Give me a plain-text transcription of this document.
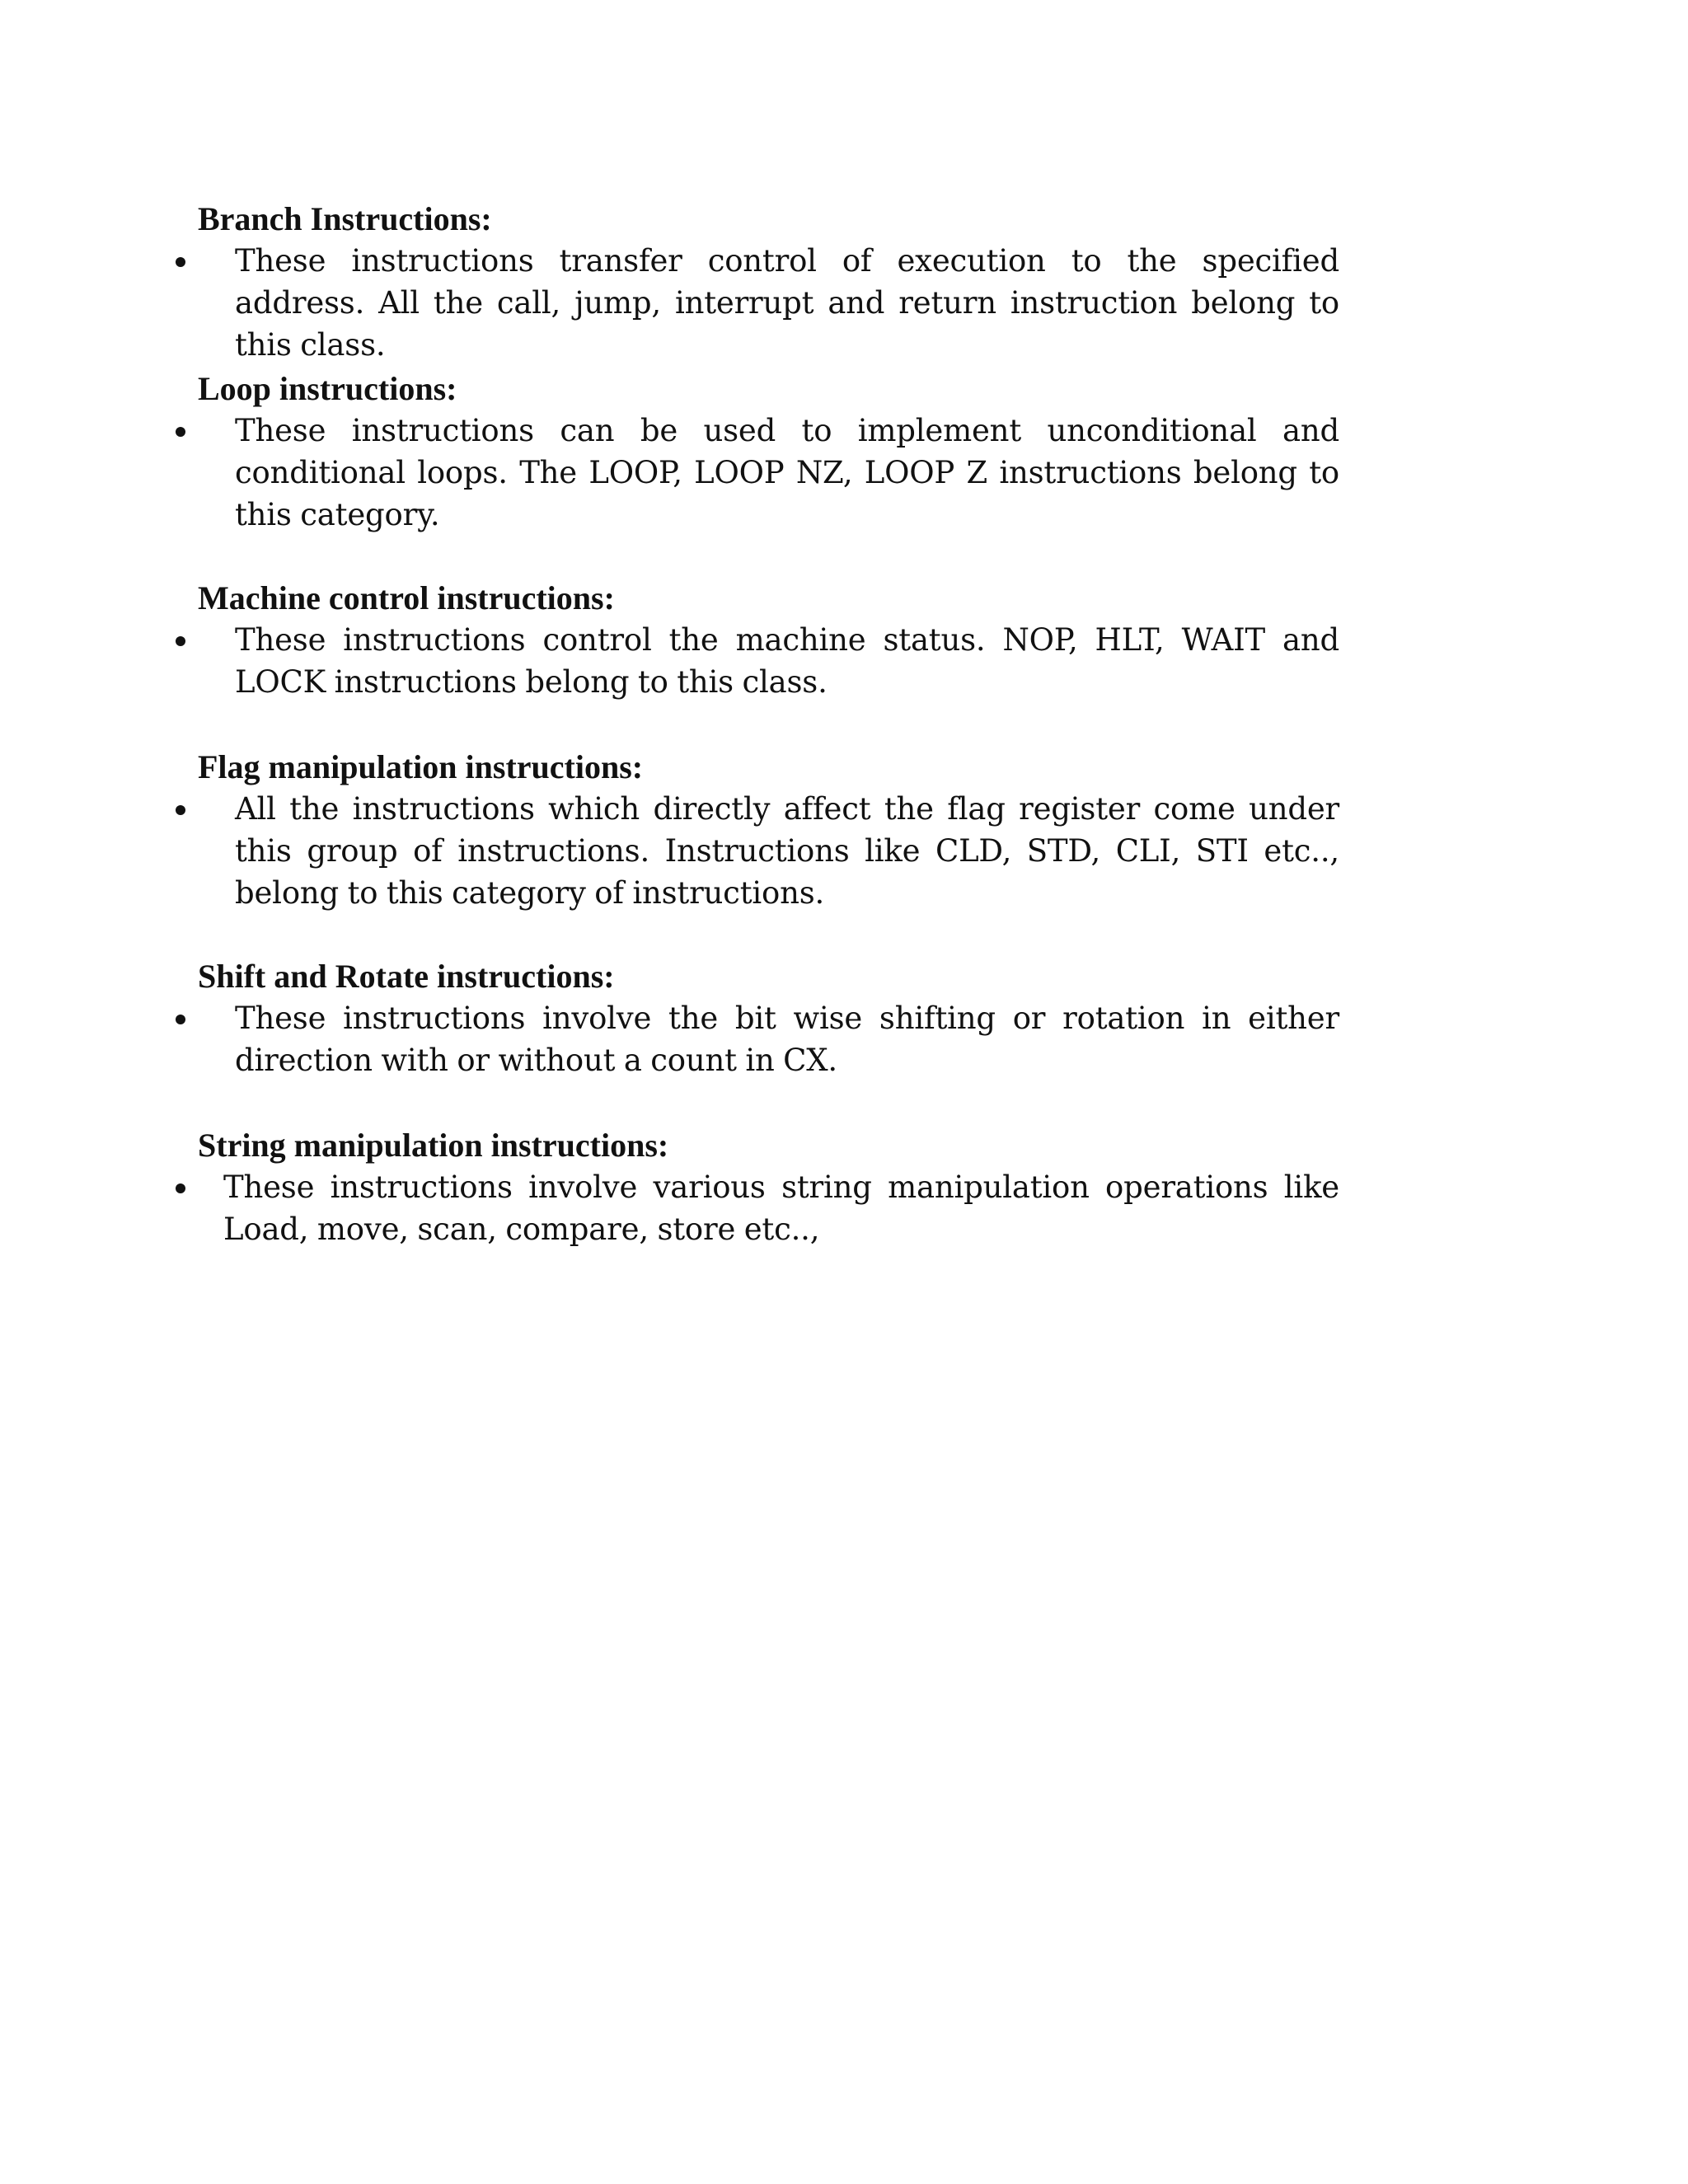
Branch Instructions:

These instructions transfer control of execution to the specified address. All the call, jump, interrupt and return instruction belong to this class.

Loop instructions:

These instructions can be used to implement unconditional and conditional loops. The LOOP, LOOP NZ, LOOP Z instructions belong to this category.

Machine control instructions:

These instructions control the machine status. NOP, HLT, WAIT and LOCK instructions belong to this class.

Flag manipulation instructions:

All the instructions which directly affect the flag register come under this group of instructions. Instructions like CLD, STD, CLI, STI etc.., belong to this category of instructions.

Shift and Rotate instructions:

These instructions involve the bit wise shifting or rotation in either direction with or without a count in CX.

String manipulation instructions:

These instructions involve various string manipulation operations like Load, move, scan, compare, store etc..,
